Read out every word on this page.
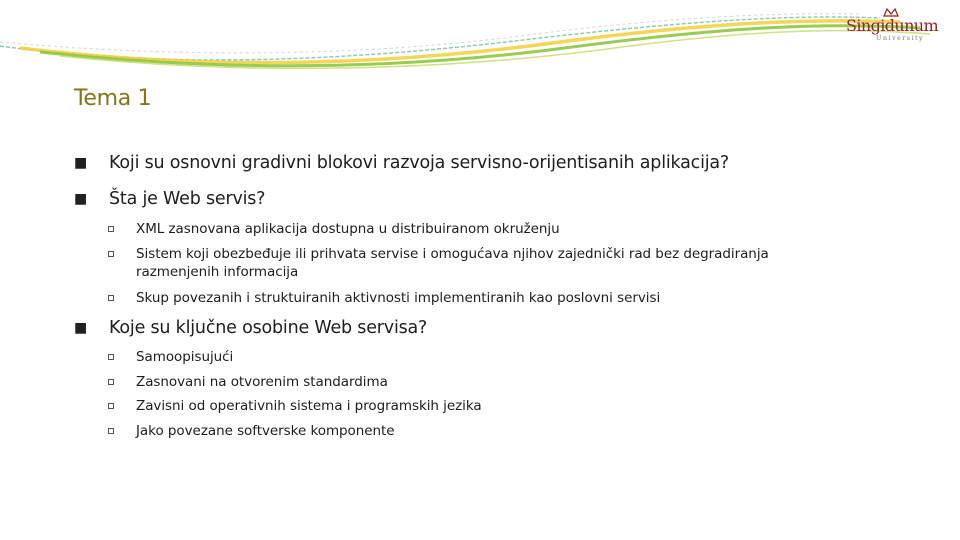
Singidunum
University
Tema 1
■ Koji su osnovni gradivni blokovi razvoja servisno-orijentisanih aplikacija?
■ Šta je Web servis?
XML zasnovana aplikacija dostupna u distribuiranom okruženju
Sistem koji obezbeđuje ili prihvata servise i omogućava njihov zajednički rad bez degradiranja
razmenjenih informacija
Skup povezanih i struktuiranih aktivnosti implementiranih kao poslovni servisi
■ Koje su ključne osobine Web servisa?
Samoopisujući
Zasnovani na otvorenim standardima
Zavisni od operativnih sistema i programskih jezika
Jako povezane softverske komponente
